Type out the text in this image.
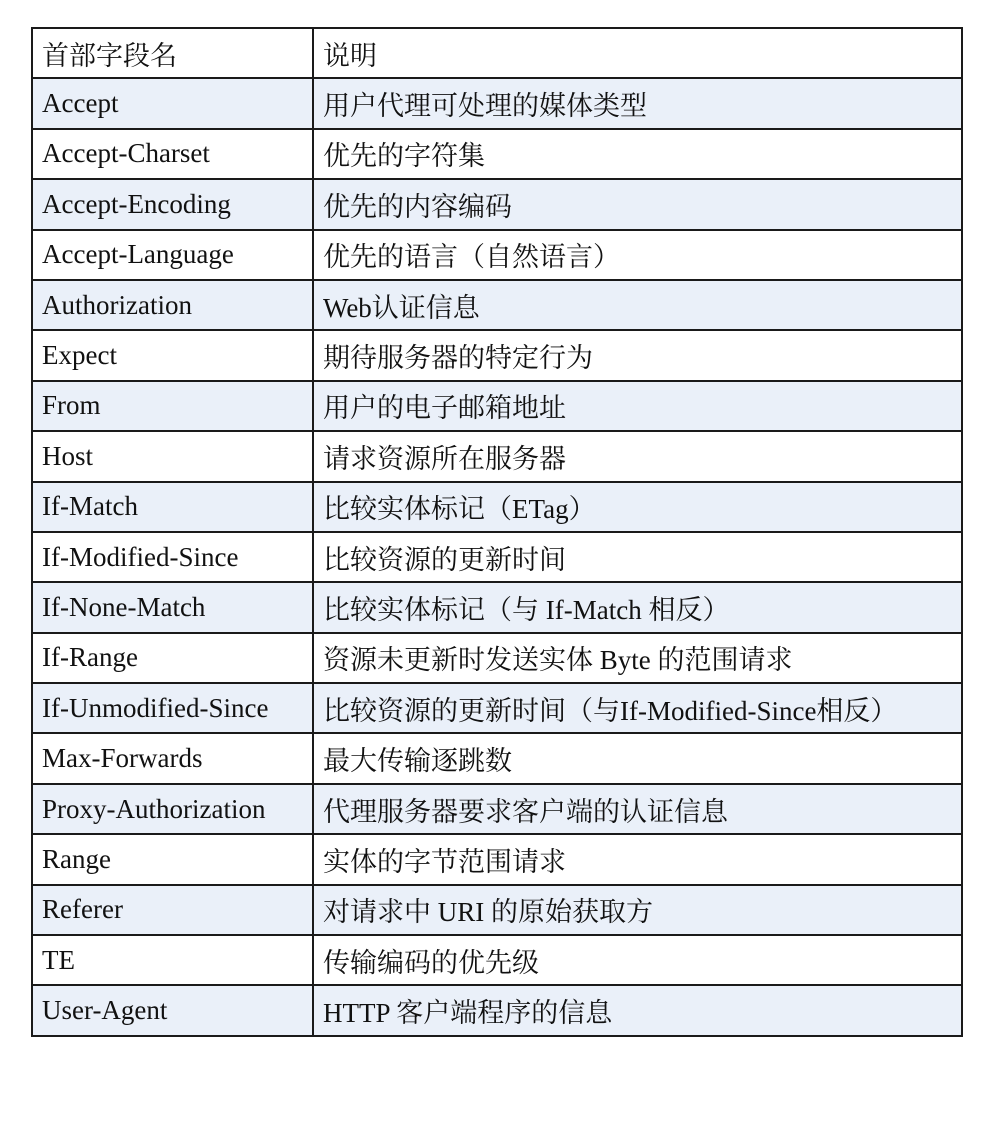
首部字段名	说明
Accept	用户代理可处理的媒体类型
Accept-Charset	优先的字符集
Accept-Encoding	优先的内容编码
Accept-Language	优先的语言（自然语言）
Authorization	Web认证信息
Expect	期待服务器的特定行为
From	用户的电子邮箱地址
Host	请求资源所在服务器
If-Match	比较实体标记（ETag）
If-Modified-Since	比较资源的更新时间
If-None-Match	比较实体标记（与 If-Match 相反）
If-Range	资源未更新时发送实体 Byte 的范围请求
If-Unmodified-Since	比较资源的更新时间（与If-Modified-Since相反）
Max-Forwards	最大传输逐跳数
Proxy-Authorization	代理服务器要求客户端的认证信息
Range	实体的字节范围请求
Referer	对请求中 URI 的原始获取方
TE	传输编码的优先级
User-Agent	HTTP 客户端程序的信息
